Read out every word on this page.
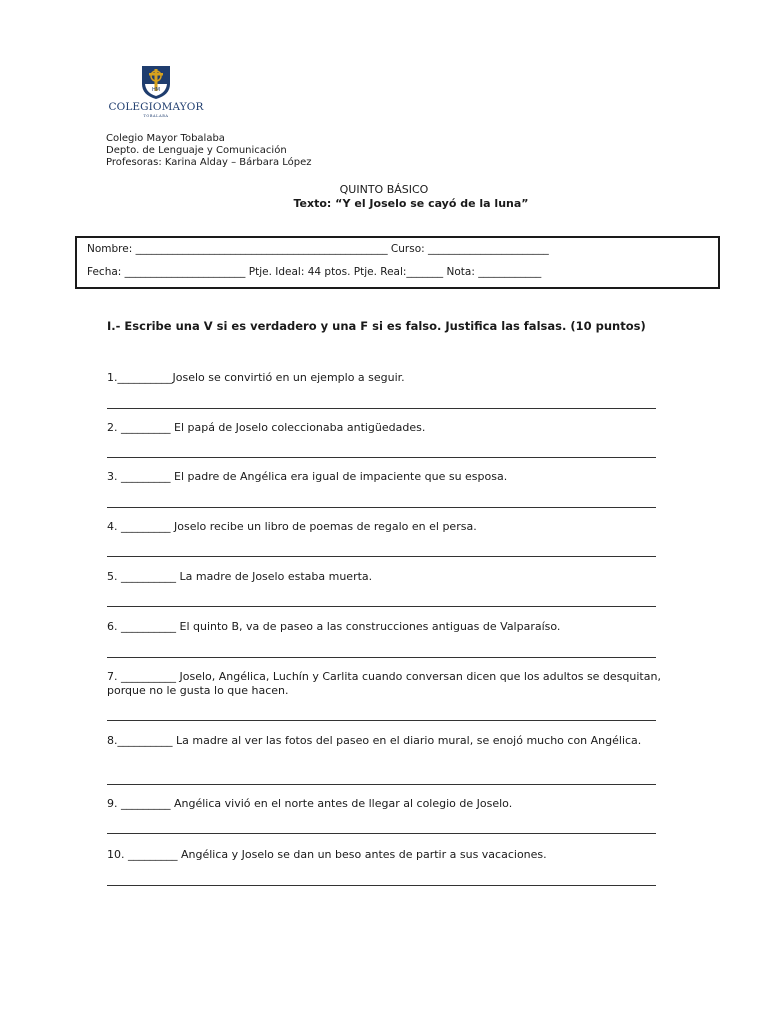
HM
COLEGIOMAYOR
TOBALABA
Colegio Mayor Tobalaba
Depto. de Lenguaje y Comunicación
Profesoras: Karina Alday – Bárbara López
QUINTO BÁSICO
Texto: “Y el Joselo se cayó de la luna”
Nombre: ________________________________________________ Curso: _______________________
Fecha: _______________________ Ptje. Ideal: 44 ptos. Ptje. Real:_______ Nota: ____________
I.- Escribe una V si es verdadero y una F si es falso. Justifica las falsas. (10 puntos)
1.__________Joselo se convirtió en un ejemplo a seguir.
2. _________ El papá de Joselo coleccionaba antigüedades.
3. _________ El padre de Angélica era igual de impaciente que su esposa.
4. _________ Joselo recibe un libro de poemas de regalo en el persa.
5. __________ La madre de Joselo estaba muerta.
6. __________ El quinto B, va de paseo a las construcciones antiguas de Valparaíso.
7. __________ Joselo, Angélica, Luchín y Carlita cuando conversan dicen que los adultos se desquitan, porque no le gusta lo que hacen.
8.__________ La madre al ver las fotos del paseo en el diario mural, se enojó mucho con Angélica.
9. _________ Angélica vivió en el norte antes de llegar al colegio de Joselo.
10. _________ Angélica y Joselo se dan un beso antes de partir a sus vacaciones.
